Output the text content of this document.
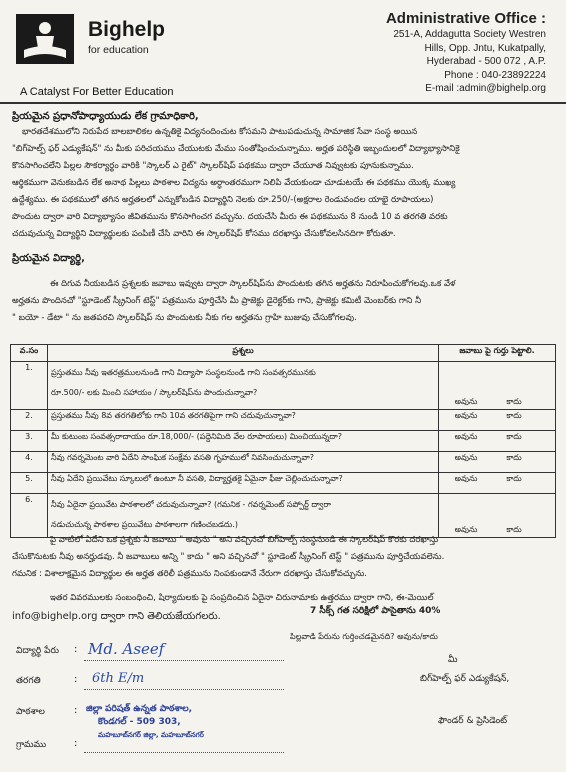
Bighelp
for education
A Catalyst For Better Education
Administrative Office :
251-A, Addagutta Society Westren
Hills, Opp. Jntu, Kukatpally,
Hyderabad - 500 072 , A.P.
Phone : 040-23892224
E-mail :admin@bighelp.org
ప్రియమైన ప్రధానోపాధ్యాయుడు లేక గ్రామాధికారి,
భారతదేశములోని నిరుపేద బాలబాలికల ఉన్నతికై విద్యనందించుట కోసమని పాటుపడుచున్న సామాజిక సేవా సంస్థ అయిన
"బిగ్‌హెల్ప్ ఫర్ ఎడ్యుకేషన్" ను మీకు పరిచయము చేయుటకు మేము సంతోషించుచున్నాము. అర్హత పరిస్థితి ఇబ్బందులలో విద్యాభ్యాసానికై
కొనసాగించలేని పిల్లల సౌకర్యార్థం వారికి "స్కాలర్ ఎ రైట్" స్కాలర్‌షిప్ పథకము ద్వారా చేయూత నివ్వుటకు పూనుకున్నాము.
ఆర్థికముగా వెనుకబడిన లేక అనాథ పిల్లలు పాఠశాల విద్యను అర్ధాంతరముగా నిలిపి వేయకుండా చూడుటయే ఈ పథకము యొక్క ముఖ్య
ఉద్దేశ్యము. ఈ పథకములో తగిన అర్హతలలో ఎన్నుకోబడిన విద్యార్థిని నెలకు రూ.250/-(అక్షరాల రెండువందల యాభై రూపాయలు)
పొందుట ద్వారా వారి విద్యాభ్యాసం జీవితమును కొనసాగించగ వచ్చును. దయచేసి మీరు ఈ పథకమును 8 నుండి 10 వ తరగతి వరకు
చదువుచున్న విద్యార్థిని విద్యార్థులకు పంపిణీ చేసి వారిని ఈ స్కాలర్‌షిప్ కోసము దరఖాస్తు చేసుకోవలసినదిగా కోరుతూ.
ప్రియమైన విద్యార్థి,
ఈ దిగువ నీయబడిన ప్రశ్నలకు జవాబు ఇవ్వుట ద్వారా స్కాలర్‌షిప్‌ను పొందుటకు తగిన అర్హతను నిరూపించుకోగలవు.ఒక వేళ
అర్హతను పొందినచో "స్టూడెంట్ స్క్రీనింగ్ టెస్ట్" పత్రమును పూర్తిచేసి మీ ప్రాజెక్టు డైరెక్టర్‌కు గాని, ప్రాజెక్టు కమిటీ మెంబర్‌కు గాని నీ
" బయో - డేటా " ను జతపరచి స్కాలర్‌షిప్ ను పొందుటకు నీకు గల అర్హతను గ్రాహి బుజువు చేసుకోగలవు.
వ.సం	ప్రశ్నలు	జవాబు పై గుర్తు పెట్టాలి.
1.	ప్రస్తుతము నీవు ఇతరత్రములనుండి గాని విద్యాసా సంస్థలనుండి గాని సంవత్సరమునకు
రూ.500/- లకు మించి సహాయం / స్కాలర్‌షిప్‌ను పొందుచున్నావా?	అవును కాదు
2.	ప్రస్తుతము నీవు 8వ తరగతిలోకు గాని 10వ తరగతిపైగా గాని చదువుచున్నావా?	అవును కాదు
3.	మీ కుటుంబ సంవత్సరాదాయం రూ.18,000/- (పద్దెనిమిది వేల రూపాయలు) మించియున్నదా?	అవును కాదు
4.	నీవు గవర్నమెంట వారి ఏదేని సాంఘిక సంక్షేమ వసతి గృహములో నివసించుచున్నావా?	అవును కాదు
5.	నీవు ఏదేని ప్రయివేటు స్కూలులో ఉంటూ నీ వసతి, విద్యార్హతకై ఏమైనా ఫీజు చెల్లించుచున్నావా?	అవును కాదు
6.	నీవు ఏదైనా ప్రయివేట పాఠశాలలో చదువుచున్నావా? (గమనిక - గవర్నమెంట్ సప్పోర్ట్ ద్వారా
నడుచుచున్న పాఠశాల ప్రయివేటు పాఠశాలగా గణించబడదు.)	అవును కాదు
పై వాటిలో ఏదేని ఒక ప్రశ్నకు నీ జవాబు " అవును " అని వచ్చినచో బిగ్‌హెల్ప్ సంస్థనుండి ఈ స్కాలర్‌షిప్ కొరకు దరఖాస్తు
చేసుకొనుటకు నీవు అనర్హుడవు. నీ జవాబులు అన్ని " కాదు " అని వచ్చినచో " స్టూడెంట్ స్క్రీనింగ్ టెస్ట్ " పత్రమును పూర్తిచేయవలెను.
గమనిక : విశాలాక్షమైన విద్యార్థుల ఈ అర్హత తరిలీ పత్రమును నింపకుండానే నేరుగా దరఖాస్తు చేసుకోవచ్చును.
ఇతర వివరములకు సంబంధించి, షిర్యాదులకు పై సంప్రదించిన ఏదైనా చిరునామాకు ఉత్తరము ద్వారా గాని, ఈ-మెయిల్
info@bighelp.org ద్వారా గాని తెలియజేయగలరు.	7 సీక్స్‌ గత సరిక్షిలో పాసైతాను 40%
పిల్లవాడి పేరును గుర్తించడమైనది? అవును/కాదు
మీ
విద్యార్థి పేరు : Md. Aseef
తరగతి	: 6th E/m
పాఠశాల	: జిల్లా పరిషత్ ఉన్నత పాఠశాల,
కొండగల్ - 509 303,
మహబూబ్‌నగర్ జిల్లా, మహబూబ్‌నగర్
గ్రామము	:
బిగ్‌హెల్ప్ ఫర్ ఎడ్యుకేషన్,
ఫౌండర్ & ప్రెసిడెంట్
